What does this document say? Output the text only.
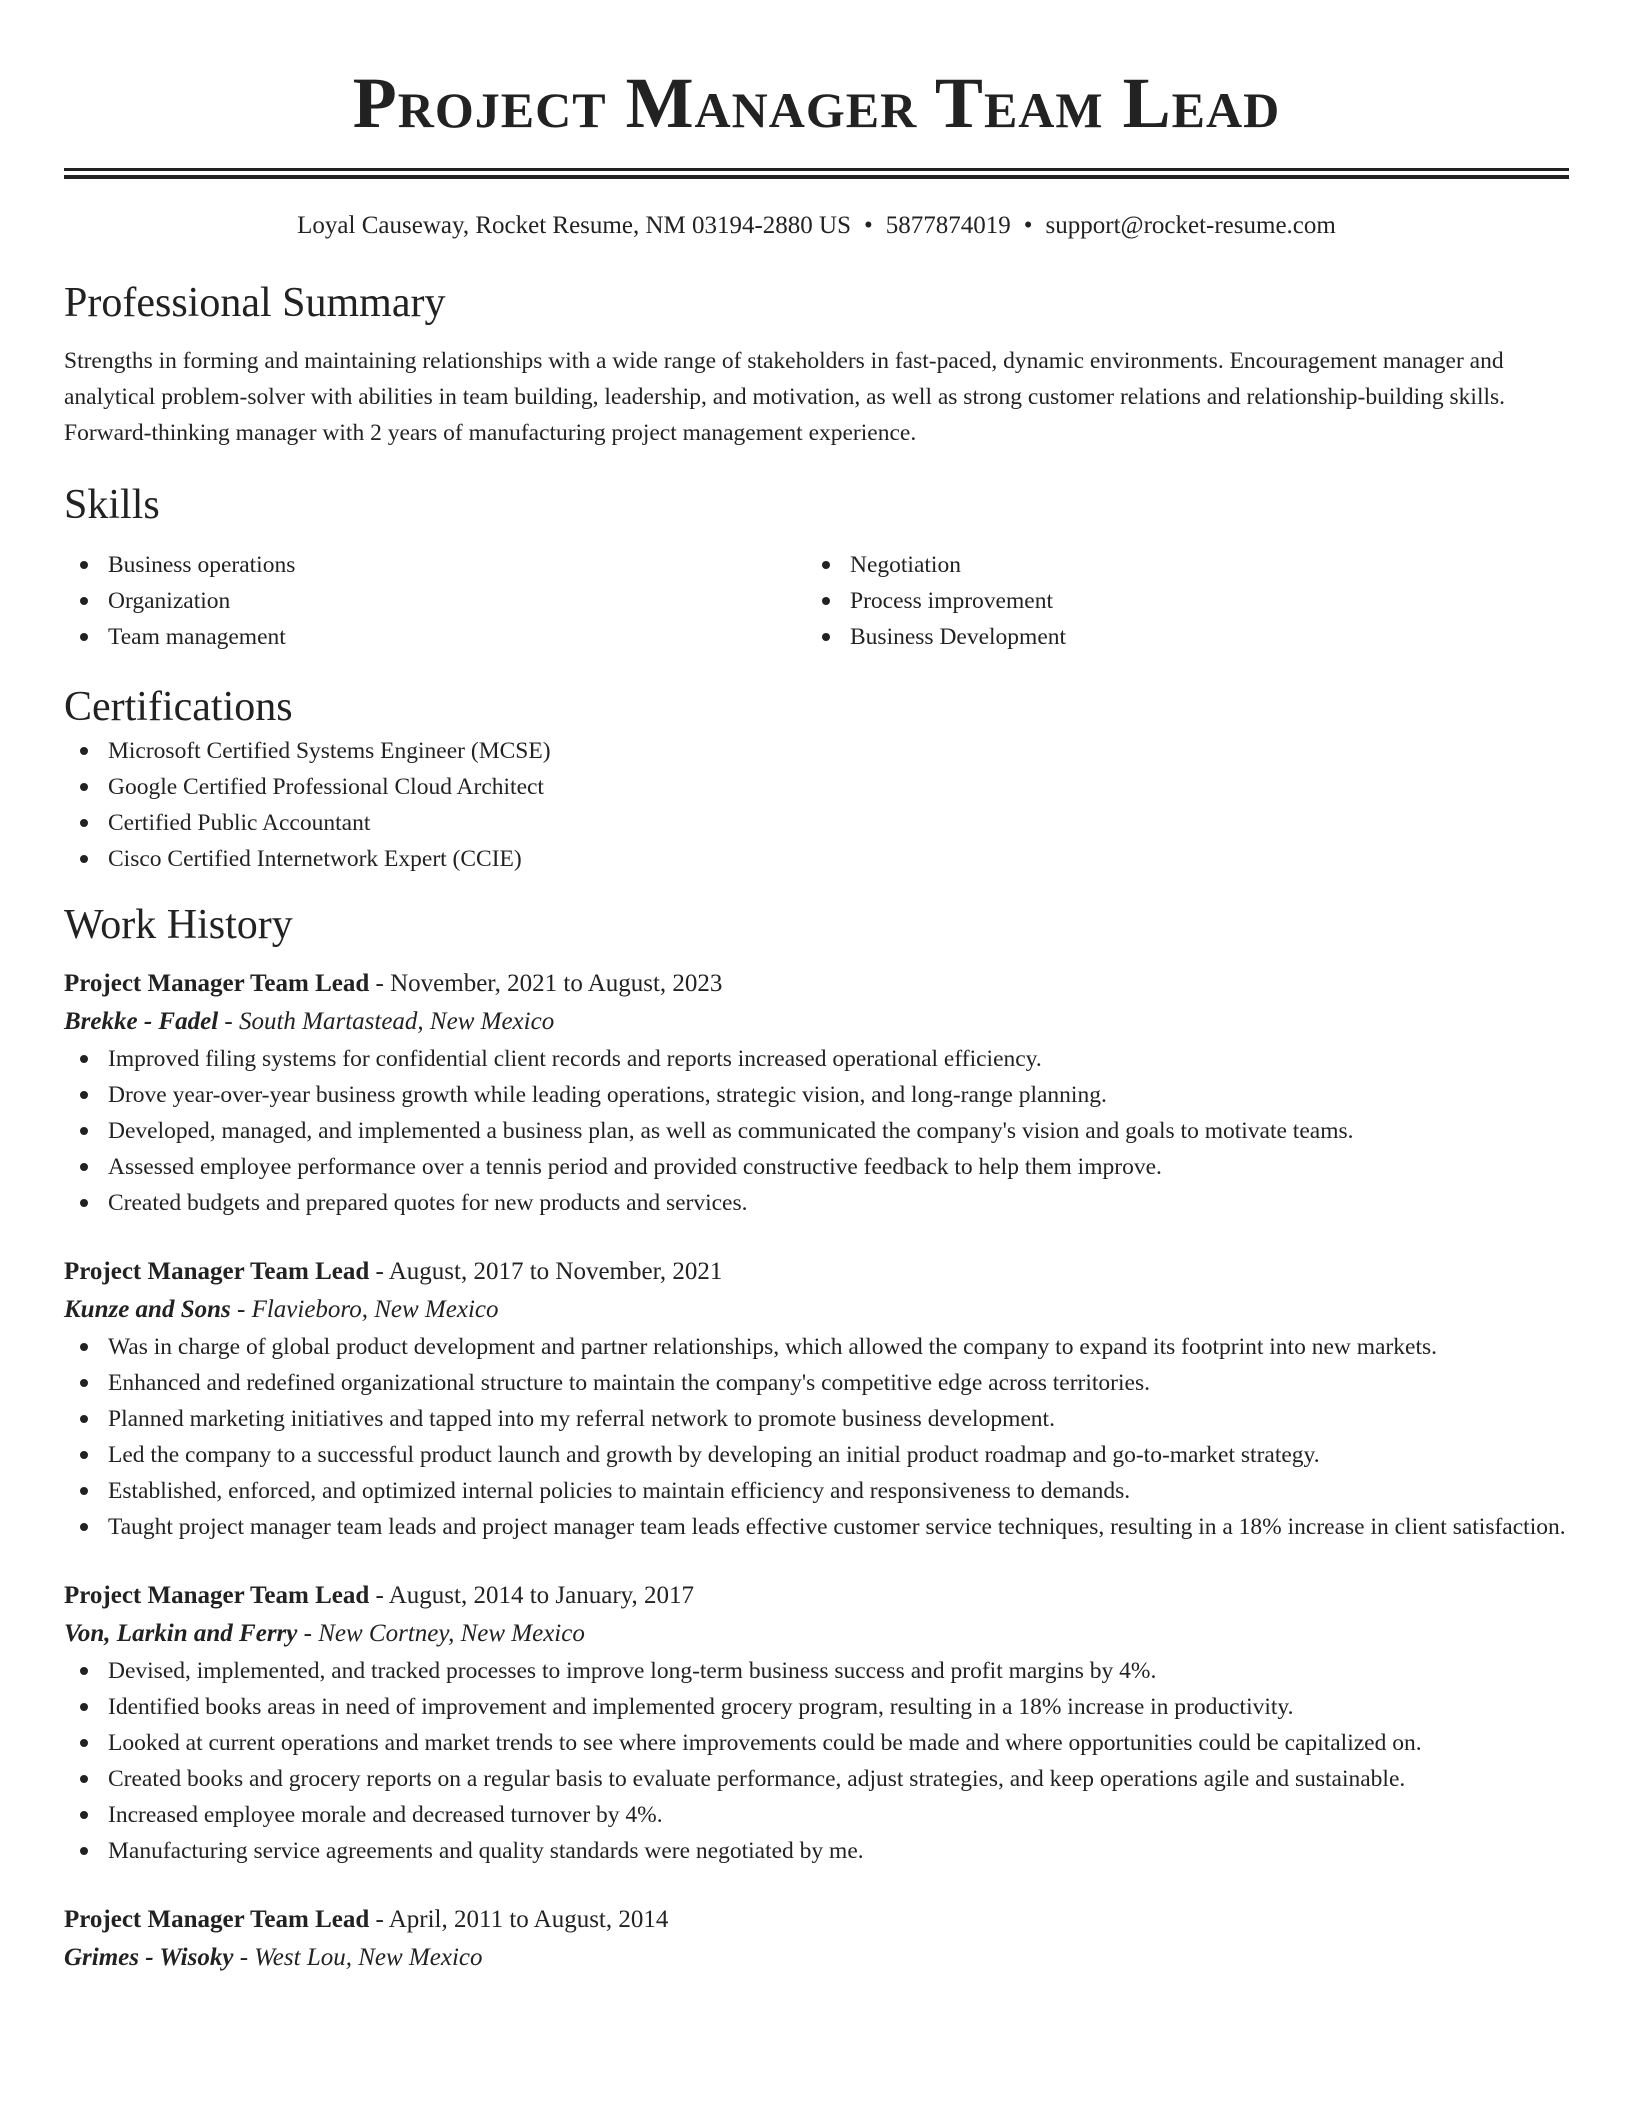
Project Manager Team Lead
Loyal Causeway, Rocket Resume, NM 03194-2880 US • 5877874019 • support@rocket-resume.com
Professional Summary
Strengths in forming and maintaining relationships with a wide range of stakeholders in fast-paced, dynamic environments. Encouragement manager and analytical problem-solver with abilities in team building, leadership, and motivation, as well as strong customer relations and relationship-building skills. Forward-thinking manager with 2 years of manufacturing project management experience.
Skills
Business operations
Organization
Team management
Negotiation
Process improvement
Business Development
Certifications
Microsoft Certified Systems Engineer (MCSE)
Google Certified Professional Cloud Architect
Certified Public Accountant
Cisco Certified Internetwork Expert (CCIE)
Work History
Project Manager Team Lead - November, 2021 to August, 2023
Brekke - Fadel - South Martastead, New Mexico
Improved filing systems for confidential client records and reports increased operational efficiency.
Drove year-over-year business growth while leading operations, strategic vision, and long-range planning.
Developed, managed, and implemented a business plan, as well as communicated the company's vision and goals to motivate teams.
Assessed employee performance over a tennis period and provided constructive feedback to help them improve.
Created budgets and prepared quotes for new products and services.
Project Manager Team Lead - August, 2017 to November, 2021
Kunze and Sons - Flavieboro, New Mexico
Was in charge of global product development and partner relationships, which allowed the company to expand its footprint into new markets.
Enhanced and redefined organizational structure to maintain the company's competitive edge across territories.
Planned marketing initiatives and tapped into my referral network to promote business development.
Led the company to a successful product launch and growth by developing an initial product roadmap and go-to-market strategy.
Established, enforced, and optimized internal policies to maintain efficiency and responsiveness to demands.
Taught project manager team leads and project manager team leads effective customer service techniques, resulting in a 18% increase in client satisfaction.
Project Manager Team Lead - August, 2014 to January, 2017
Von, Larkin and Ferry - New Cortney, New Mexico
Devised, implemented, and tracked processes to improve long-term business success and profit margins by 4%.
Identified books areas in need of improvement and implemented grocery program, resulting in a 18% increase in productivity.
Looked at current operations and market trends to see where improvements could be made and where opportunities could be capitalized on.
Created books and grocery reports on a regular basis to evaluate performance, adjust strategies, and keep operations agile and sustainable.
Increased employee morale and decreased turnover by 4%.
Manufacturing service agreements and quality standards were negotiated by me.
Project Manager Team Lead - April, 2011 to August, 2014
Grimes - Wisoky - West Lou, New Mexico
